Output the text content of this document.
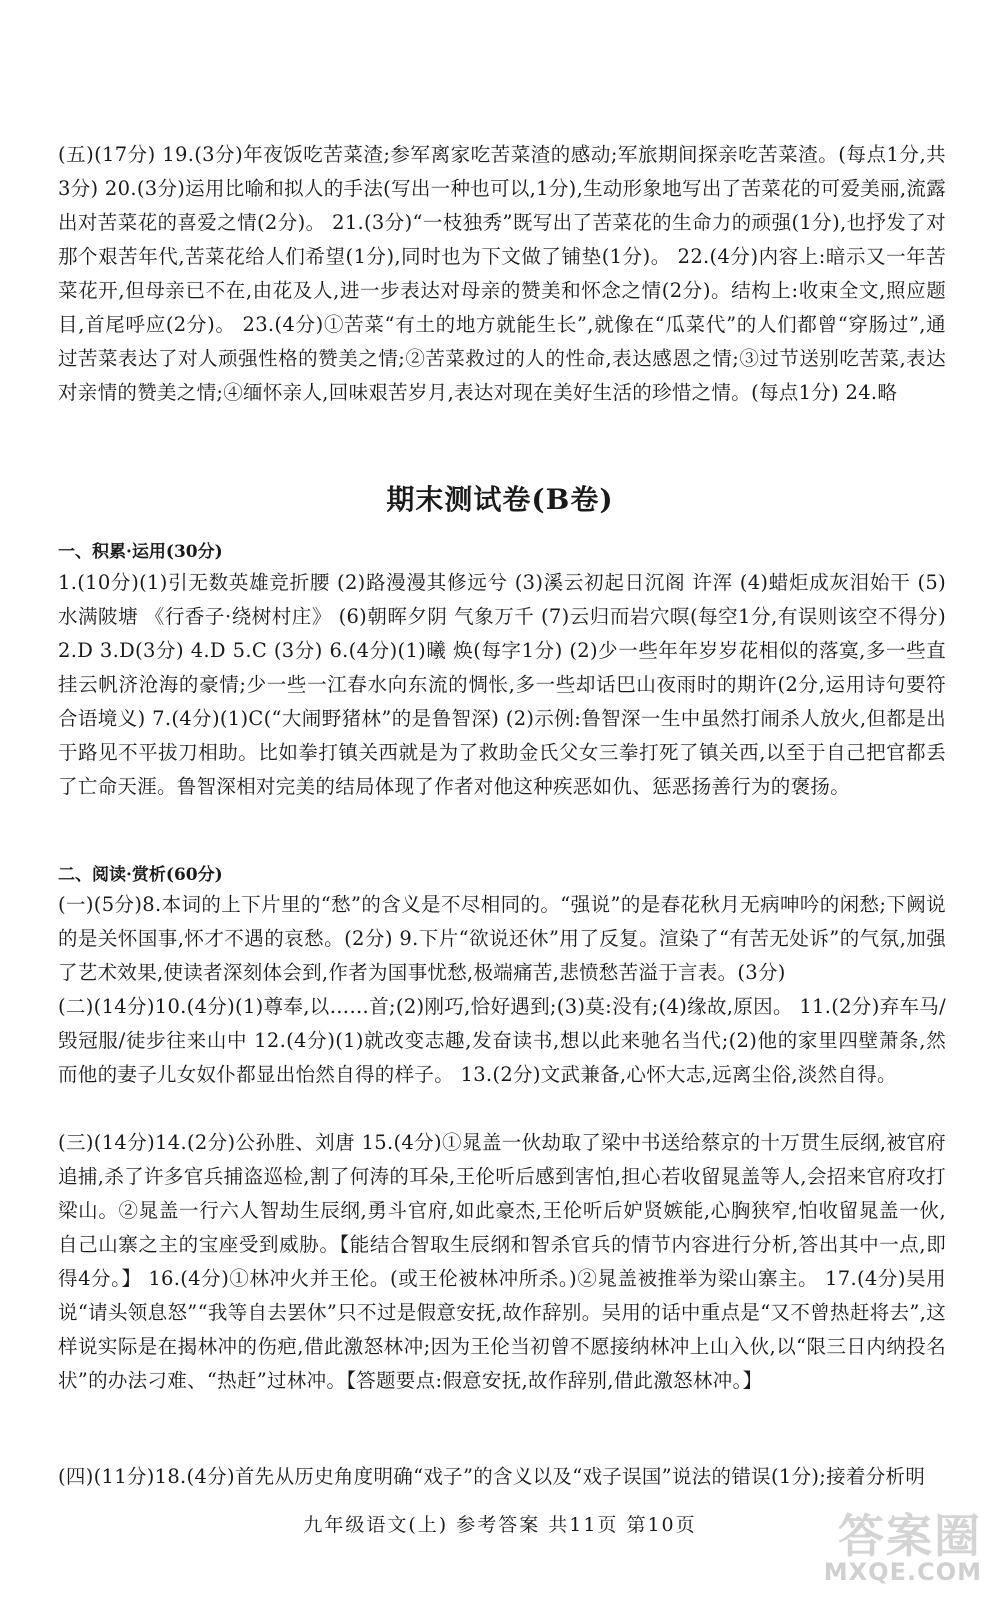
(五)(17分) 19.(3分)年夜饭吃苦菜渣;参军离家吃苦菜渣的感动;军旅期间探亲吃苦菜渣。(每点1分,共3分) 20.(3分)运用比喻和拟人的手法(写出一种也可以,1分),生动形象地写出了苦菜花的可爱美丽,流露出对苦菜花的喜爱之情(2分)。 21.(3分)“一枝独秀”既写出了苦菜花的生命力的顽强(1分),也抒发了对那个艰苦年代,苦菜花给人们希望(1分),同时也为下文做了铺垫(1分)。 22.(4分)内容上:暗示又一年苦菜花开,但母亲已不在,由花及人,进一步表达对母亲的赞美和怀念之情(2分)。结构上:收束全文,照应题目,首尾呼应(2分)。 23.(4分)①苦菜“有土的地方就能生长”,就像在“瓜菜代”的人们都曾“穿肠过”,通过苦菜表达了对人顽强性格的赞美之情;②苦菜救过的人的性命,表达感恩之情;③过节送别吃苦菜,表达对亲情的赞美之情;④缅怀亲人,回味艰苦岁月,表达对现在美好生活的珍惜之情。(每点1分) 24.略
期末测试卷(B卷)
一、积累·运用(30分)
1.(10分)(1)引无数英雄竞折腰 (2)路漫漫其修远兮 (3)溪云初起日沉阁 许浑 (4)蜡炬成灰泪始干 (5)水满陂塘 《行香子·绕树村庄》 (6)朝晖夕阴 气象万千 (7)云归而岩穴暝(每空1分,有误则该空不得分) 2.D 3.D(3分) 4.D 5.C (3分) 6.(4分)(1)曦 焕(每字1分) (2)少一些年年岁岁花相似的落寞,多一些直挂云帆济沧海的豪情;少一些一江春水向东流的惆怅,多一些却话巴山夜雨时的期许(2分,运用诗句要符合语境义) 7.(4分)(1)C(“大闹野猪林”的是鲁智深) (2)示例:鲁智深一生中虽然打闹杀人放火,但都是出于路见不平拔刀相助。比如拳打镇关西就是为了救助金氏父女三拳打死了镇关西,以至于自己把官都丢了亡命天涯。鲁智深相对完美的结局体现了作者对他这种疾恶如仇、惩恶扬善行为的褒扬。
二、阅读·赏析(60分)
(一)(5分)8.本词的上下片里的“愁”的含义是不尽相同的。“强说”的是春花秋月无病呻吟的闲愁;下阙说的是关怀国事,怀才不遇的哀愁。(2分) 9.下片“欲说还休”用了反复。渲染了“有苦无处诉”的气氛,加强了艺术效果,使读者深刻体会到,作者为国事忧愁,极端痛苦,悲愤愁苦溢于言表。(3分)
(二)(14分)10.(4分)(1)尊奉,以……首;(2)刚巧,恰好遇到;(3)莫:没有;(4)缘故,原因。 11.(2分)弃车马/毁冠服/徒步往来山中 12.(4分)(1)就改变志趣,发奋读书,想以此来驰名当代;(2)他的家里四壁萧条,然而他的妻子儿女奴仆都显出怡然自得的样子。 13.(2分)文武兼备,心怀大志,远离尘俗,淡然自得。
(三)(14分)14.(2分)公孙胜、刘唐 15.(4分)①晁盖一伙劫取了梁中书送给蔡京的十万贯生辰纲,被官府追捕,杀了许多官兵捕盗巡检,割了何涛的耳朵,王伦听后感到害怕,担心若收留晁盖等人,会招来官府攻打梁山。②晁盖一行六人智劫生辰纲,勇斗官府,如此豪杰,王伦听后妒贤嫉能,心胸狭窄,怕收留晁盖一伙,自己山寨之主的宝座受到威胁。【能结合智取生辰纲和智杀官兵的情节内容进行分析,答出其中一点,即得4分。】 16.(4分)①林冲火并王伦。(或王伦被林冲所杀。)②晁盖被推举为梁山寨主。 17.(4分)吴用说“请头领息怒”“我等自去罢休”只不过是假意安抚,故作辞别。吴用的话中重点是“又不曾热赶将去”,这样说实际是在揭林冲的伤疤,借此激怒林冲;因为王伦当初曾不愿接纳林冲上山入伙,以“限三日内纳投名状”的办法刁难、“热赶”过林冲。【答题要点:假意安抚,故作辞别,借此激怒林冲。】
(四)(11分)18.(4分)首先从历史角度明确“戏子”的含义以及“戏子误国”说法的错误(1分);接着分析明
九年级语文(上) 参考答案 共11页 第10页	答案圈
MXQE.COM
